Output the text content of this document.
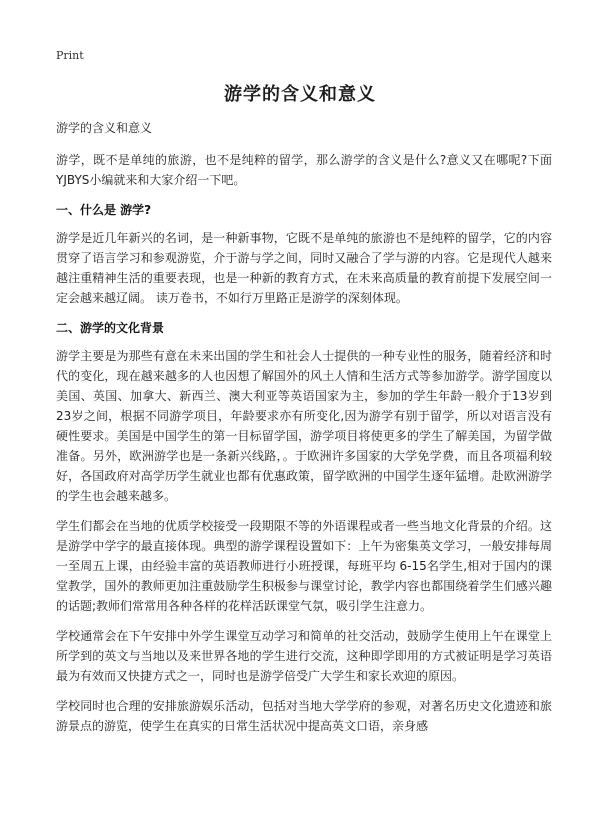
Print
游学的含义和意义

游学的含义和意义

游学，既不是单纯的旅游，也不是纯粹的留学，那么游学的含义是什么?意义又在哪呢?下面YJBYS小编就来和大家介绍一下吧。

一、什么是 游学?

游学是近几年新兴的名词，是一种新事物，它既不是单纯的旅游也不是纯粹的留学，它的内容贯穿了语言学习和参观游览，介于游与学之间，同时又融合了学与游的内容。它是现代人越来越注重精神生活的重要表现，也是一种新的教育方式，在未来高质量的教育前提下发展空间一定会越来越辽阔。 读万卷书，不如行万里路正是游学的深刻体现。

二、游学的文化背景

游学主要是为那些有意在未来出国的学生和社会人士提供的一种专业性的服务，随着经济和时代的变化，现在越来越多的人也因想了解国外的风土人情和生活方式等参加游学。游学国度以美国、英国、加拿大、新西兰、澳大利亚等英语国家为主，参加的学生年龄一般介于13岁到23岁之间，根据不同游学项目，年龄要求亦有所变化,因为游学有别于留学，所以对语言没有硬性要求。美国是中国学生的第一目标留学国，游学项目将使更多的学生了解美国，为留学做准备。另外，欧洲游学也是一条新兴线路，。于欧洲许多国家的大学免学费，而且各项福利较好，各国政府对高学历学生就业也都有优惠政策，留学欧洲的中国学生逐年猛增。赴欧洲游学的学生也会越来越多。

学生们都会在当地的优质学校接受一段期限不等的外语课程或者一些当地文化背景的介绍。这是游学中学字的最直接体现。典型的游学课程设置如下：上午为密集英文学习，一般安排每周一至周五上课，由经验丰富的英语教师进行小班授课，每班平均 6-15名学生,相对于国内的课堂教学，国外的教师更加注重鼓励学生积极参与课堂讨论，教学内容也都围绕着学生们感兴趣的话题;教师们常常用各种各样的花样活跃课堂气氛，吸引学生注意力。

学校通常会在下午安排中外学生课堂互动学习和简单的社交活动，鼓励学生使用上午在课堂上所学到的英文与当地以及来世界各地的学生进行交流，这种即学即用的方式被证明是学习英语最为有效而又快捷方式之一，同时也是游学倍受广大学生和家长欢迎的原因。

学校同时也合理的安排旅游娱乐活动，包括对当地大学学府的参观，对著名历史文化遗迹和旅游景点的游览，使学生在真实的日常生活状况中提高英文口语，亲身感
